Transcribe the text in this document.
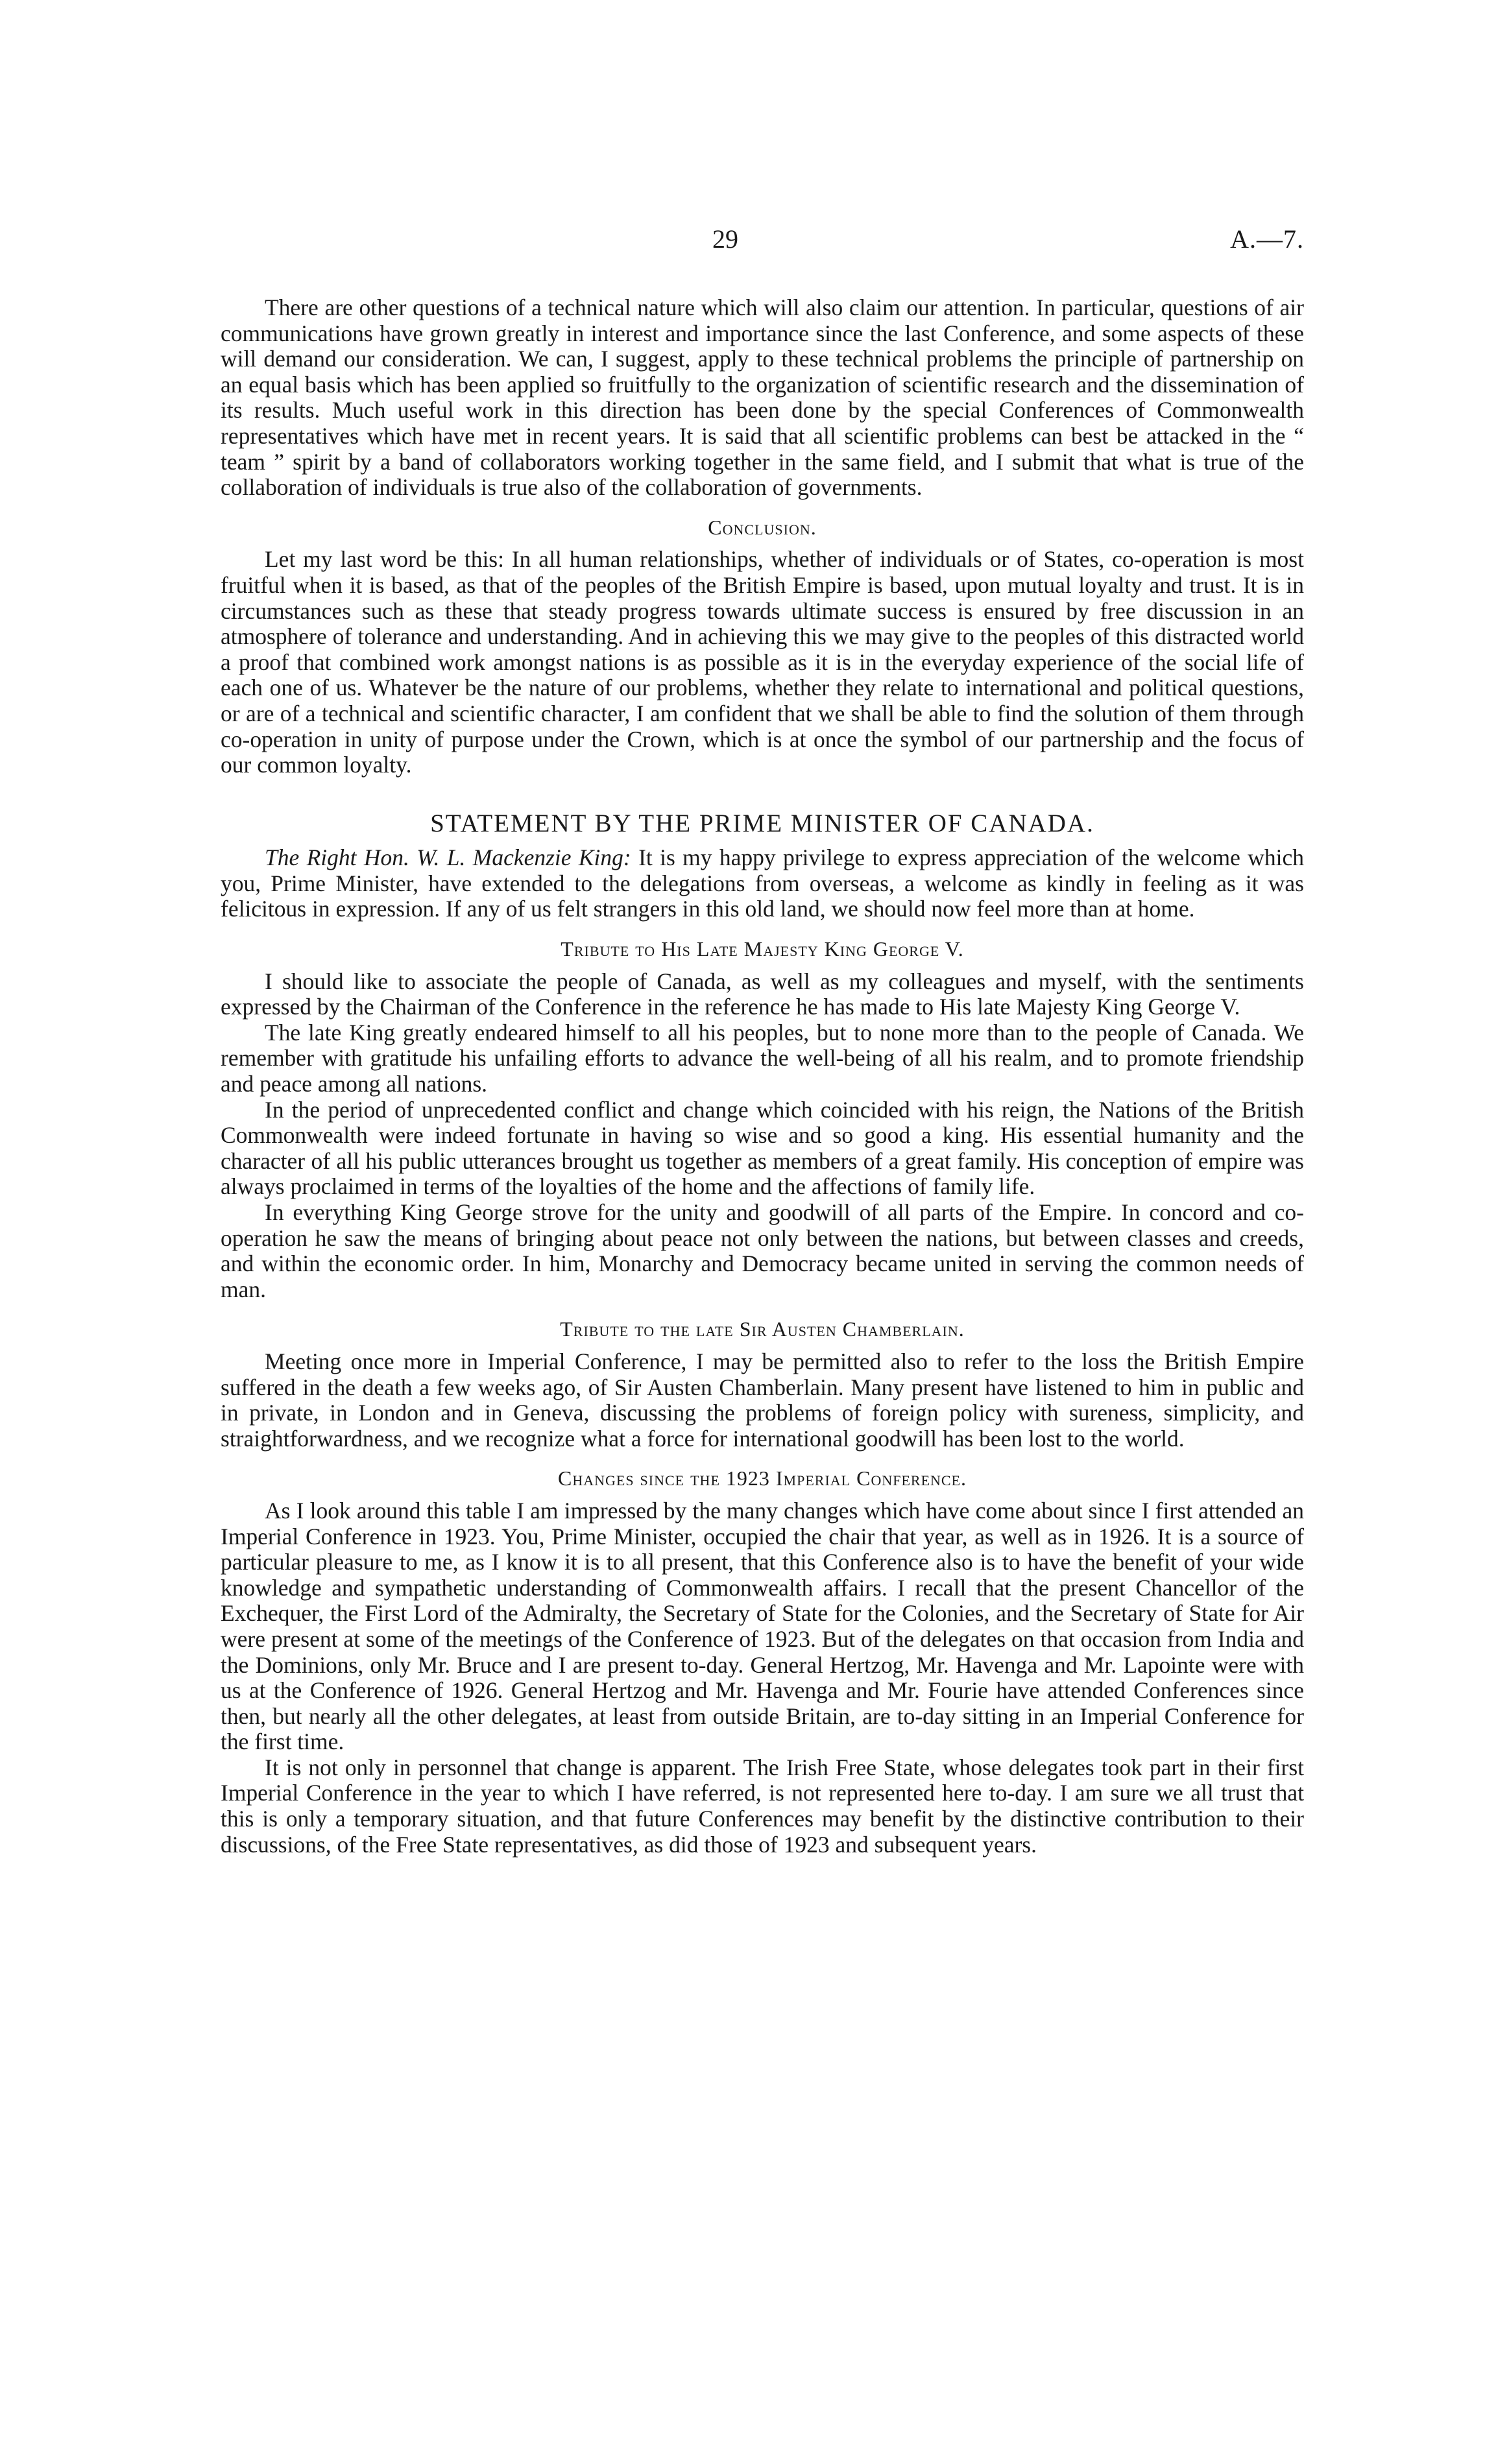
29	A.—7.

There are other questions of a technical nature which will also claim our attention. In particular, questions of air communications have grown greatly in interest and importance since the last Conference, and some aspects of these will demand our consideration. We can, I suggest, apply to these technical problems the principle of partnership on an equal basis which has been applied so fruitfully to the organization of scientific research and the dissemination of its results. Much useful work in this direction has been done by the special Conferences of Commonwealth representatives which have met in recent years. It is said that all scientific problems can best be attacked in the “ team ” spirit by a band of collaborators working together in the same field, and I submit that what is true of the collaboration of individuals is true also of the collaboration of governments.

Conclusion.

Let my last word be this: In all human relationships, whether of individuals or of States, co-operation is most fruitful when it is based, as that of the peoples of the British Empire is based, upon mutual loyalty and trust. It is in circumstances such as these that steady progress towards ultimate success is ensured by free discussion in an atmosphere of tolerance and understanding. And in achieving this we may give to the peoples of this distracted world a proof that combined work amongst nations is as possible as it is in the everyday experience of the social life of each one of us. Whatever be the nature of our problems, whether they relate to international and political questions, or are of a technical and scientific character, I am confident that we shall be able to find the solution of them through co-operation in unity of purpose under the Crown, which is at once the symbol of our partnership and the focus of our common loyalty.

STATEMENT BY THE PRIME MINISTER OF CANADA.

The Right Hon. W. L. Mackenzie King: It is my happy privilege to express appreciation of the welcome which you, Prime Minister, have extended to the delegations from overseas, a welcome as kindly in feeling as it was felicitous in expression. If any of us felt strangers in this old land, we should now feel more than at home.

Tribute to His Late Majesty King George V.

I should like to associate the people of Canada, as well as my colleagues and myself, with the sentiments expressed by the Chairman of the Conference in the reference he has made to His late Majesty King George V.

The late King greatly endeared himself to all his peoples, but to none more than to the people of Canada. We remember with gratitude his unfailing efforts to advance the well-being of all his realm, and to promote friendship and peace among all nations.

In the period of unprecedented conflict and change which coincided with his reign, the Nations of the British Commonwealth were indeed fortunate in having so wise and so good a king. His essential humanity and the character of all his public utterances brought us together as members of a great family. His conception of empire was always proclaimed in terms of the loyalties of the home and the affections of family life.

In everything King George strove for the unity and goodwill of all parts of the Empire. In concord and co-operation he saw the means of bringing about peace not only between the nations, but between classes and creeds, and within the economic order. In him, Monarchy and Democracy became united in serving the common needs of man.

Tribute to the late Sir Austen Chamberlain.

Meeting once more in Imperial Conference, I may be permitted also to refer to the loss the British Empire suffered in the death a few weeks ago, of Sir Austen Chamberlain. Many present have listened to him in public and in private, in London and in Geneva, discussing the problems of foreign policy with sureness, simplicity, and straightforwardness, and we recognize what a force for international goodwill has been lost to the world.

Changes since the 1923 Imperial Conference.

As I look around this table I am impressed by the many changes which have come about since I first attended an Imperial Conference in 1923. You, Prime Minister, occupied the chair that year, as well as in 1926. It is a source of particular pleasure to me, as I know it is to all present, that this Conference also is to have the benefit of your wide knowledge and sympathetic understanding of Commonwealth affairs. I recall that the present Chancellor of the Exchequer, the First Lord of the Admiralty, the Secretary of State for the Colonies, and the Secretary of State for Air were present at some of the meetings of the Conference of 1923. But of the delegates on that occasion from India and the Dominions, only Mr. Bruce and I are present to-day. General Hertzog, Mr. Havenga and Mr. Lapointe were with us at the Conference of 1926. General Hertzog and Mr. Havenga and Mr. Fourie have attended Conferences since then, but nearly all the other delegates, at least from outside Britain, are to-day sitting in an Imperial Conference for the first time.

It is not only in personnel that change is apparent. The Irish Free State, whose delegates took part in their first Imperial Conference in the year to which I have referred, is not represented here to-day. I am sure we all trust that this is only a temporary situation, and that future Conferences may benefit by the distinctive contribution to their discussions, of the Free State representatives, as did those of 1923 and subsequent years.
